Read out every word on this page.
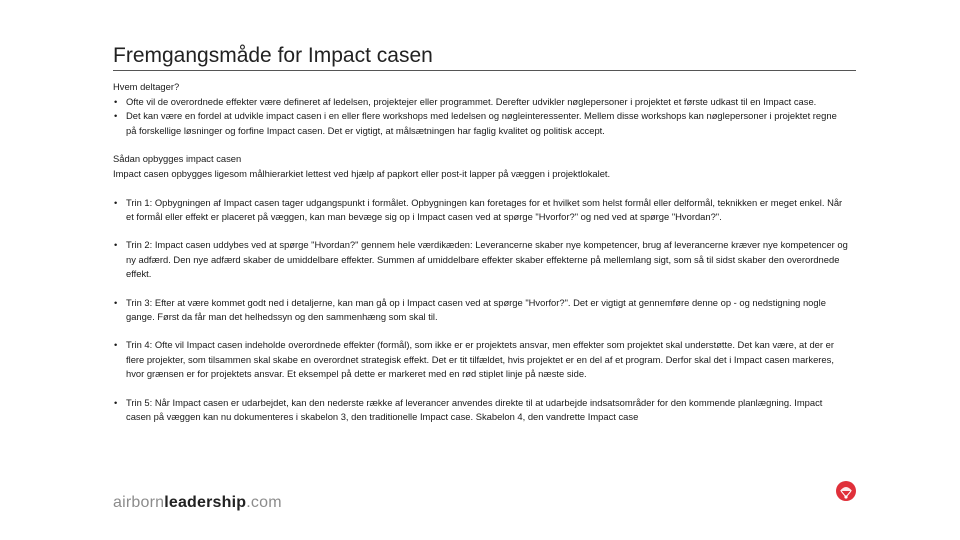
Fremgangsmåde for Impact casen

Hvem deltager?

• Ofte vil de overordnede effekter være defineret af ledelsen, projektejer eller programmet. Derefter udvikler nøglepersoner i projektet et første udkast til en Impact case.
• Det kan være en fordel at udvikle impact casen i en eller flere workshops med ledelsen og nøgleinteressenter. Mellem disse workshops kan nøglepersoner i projektet regne på forskellige løsninger og forfine Impact casen. Det er vigtigt, at målsætningen har faglig kvalitet og politisk accept.

Sådan opbygges impact casen

Impact casen opbygges ligesom målhierarkiet lettest ved hjælp af papkort eller post-it lapper på væggen i projektlokalet.

• Trin 1: Opbygningen af Impact casen tager udgangspunkt i formålet. Opbygningen kan foretages for et hvilket som helst formål eller delformål, teknikken er meget enkel. Når et formål eller effekt er placeret på væggen, kan man bevæge sig op i Impact casen ved at spørge "Hvorfor?" og ned ved at spørge "Hvordan?".
• Trin 2: Impact casen uddybes ved at spørge "Hvordan?" gennem hele værdikæden: Leverancerne skaber nye kompetencer, brug af leverancerne kræver nye kompetencer og ny adfærd. Den nye adfærd skaber de umiddelbare effekter. Summen af umiddelbare effekter skaber effekterne på mellemlang sigt, som så til sidst skaber den overordnede effekt.
• Trin 3: Efter at være kommet godt ned i detaljerne, kan man gå op i Impact casen ved at spørge "Hvorfor?". Det er vigtigt at gennemføre denne op - og nedstigning nogle gange. Først da får man det helhedssyn og den sammenhæng som skal til.
• Trin 4: Ofte vil Impact casen indeholde overordnede effekter (formål), som ikke er er projektets ansvar, men effekter som projektet skal understøtte. Det kan være, at der er flere projekter, som tilsammen skal skabe en overordnet strategisk effekt. Det er tit tilfældet, hvis projektet er en del af et program. Derfor skal det i Impact casen markeres, hvor grænsen er for projektets ansvar. Et eksempel på dette er markeret med en rød stiplet linje på næste side.
• Trin 5: Når Impact casen er udarbejdet, kan den nederste række af leverancer anvendes direkte til at udarbejde indsatsområder for den kommende planlægning. Impact casen på væggen kan nu dokumenteres i skabelon 3, den traditionelle Impact case. Skabelon 4, den vandrette Impact case
airbornleadership.com
